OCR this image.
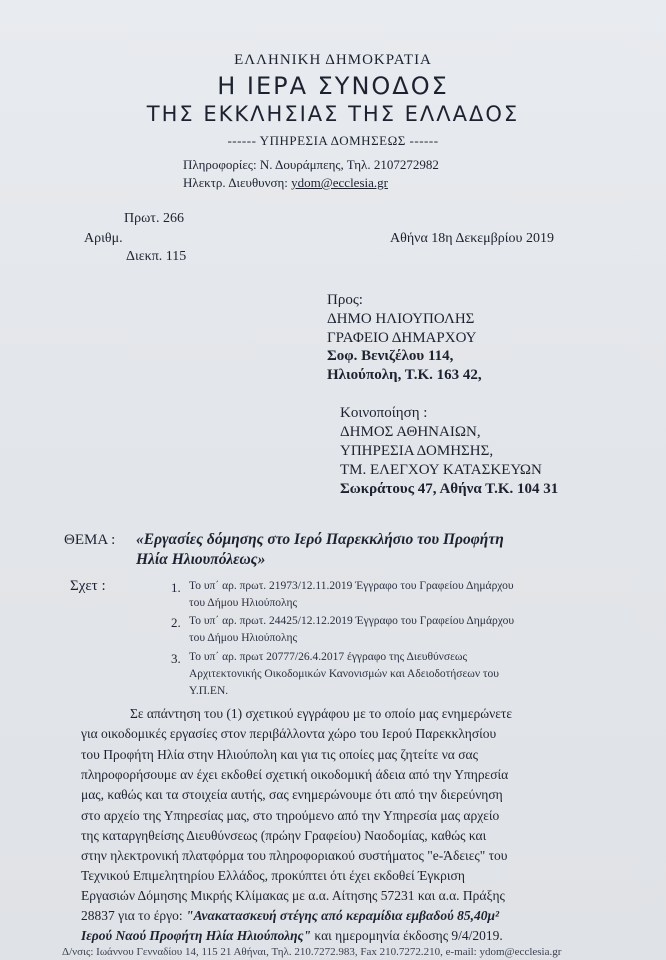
ΕΛΛΗΝΙΚΗ ΔΗΜΟΚΡΑΤΙΑ
Η ΙΕΡΑ ΣΥΝΟΔΟΣ
ΤΗΣ ΕΚΚΛΗΣΙΑΣ ΤΗΣ ΕΛΛΑΔΟΣ
------ ΥΠΗΡΕΣΙΑ ΔΟΜΗΣΕΩΣ ------
Πληροφορίες: Ν. Δουράμπεης, Τηλ. 2107272982
Ηλεκτρ. Διευθυνση: ydom@ecclesia.gr
Πρωτ. 266
Αριθμ.
Διεκπ. 115
Αθήνα 18η Δεκεμβρίου 2019
Προς:
ΔΗΜΟ ΗΛΙΟΥΠΟΛΗΣ
ΓΡΑΦΕΙΟ ΔΗΜΑΡΧΟΥ
Σοφ. Βενιζέλου 114,
Ηλιούπολη, Τ.Κ. 163 42,
Κοινοποίηση :
ΔΗΜΟΣ ΑΘΗΝΑΙΩΝ,
ΥΠΗΡΕΣΙΑ ΔΟΜΗΣΗΣ,
ΤΜ. ΕΛΕΓΧΟΥ ΚΑΤΑΣΚΕΥΩΝ
Σωκράτους 47, Αθήνα Τ.Κ. 104 31
ΘΕΜΑ : «Εργασίες δόμησης στο Ιερό Παρεκκλήσιο του Προφήτη
Ηλία Ηλιουπόλεως»
Σχετ :	1. Το υπ΄ αρ. πρωτ. 21973/12.11.2019 Έγγραφο του Γραφείου Δημάρχου
του Δήμου Ηλιούπολης
2. Το υπ΄ αρ. πρωτ. 24425/12.12.2019 Έγγραφο του Γραφείου Δημάρχου
του Δήμου Ηλιούπολης
3. Το υπ΄ αρ. πρωτ 20777/26.4.2017 έγγραφο της Διευθύνσεως
Αρχιτεκτονικής Οικοδομικών Κανονισμών και Αδειοδοτήσεων του
Υ.Π.ΕΝ.
Σε απάντηση του (1) σχετικού εγγράφου με το οποίο μας ενημερώνετε
για οικοδομικές εργασίες στον περιβάλλοντα χώρο του Ιερού Παρεκκλησίου
του Προφήτη Ηλία στην Ηλιούπολη και για τις οποίες μας ζητείτε να σας
πληροφορήσουμε αν έχει εκδοθεί σχετική οικοδομική άδεια από την Υπηρεσία
μας, καθώς και τα στοιχεία αυτής, σας ενημερώνουμε ότι από την διερεύνηση
στο αρχείο της Υπηρεσίας μας, στο τηρούμενο από την Υπηρεσία μας αρχείο
της καταργηθείσης Διευθύνσεως (πρώην Γραφείου) Ναοδομίας, καθώς και
στην ηλεκτρονική πλατφόρμα του πληροφοριακού συστήματος "e-Άδειες" του
Τεχνικού Επιμελητηρίου Ελλάδος, προκύπτει ότι έχει εκδοθεί Έγκριση
Εργασιών Δόμησης Μικρής Κλίμακας με α.α. Αίτησης 57231 και α.α. Πράξης
28837 για το έργο: "Ανακατασκευή στέγης από κεραμίδια εμβαδού 85,40μ²
Ιερού Ναού Προφήτη Ηλία Ηλιούπολης" και ημερομηνία έκδοσης 9/4/2019.
Δ/νσις: Ιωάννου Γενναδίου 14, 115 21 Αθήναι, Τηλ. 210.7272.983, Fax 210.7272.210, e-mail: ydom@ecclesia.gr
